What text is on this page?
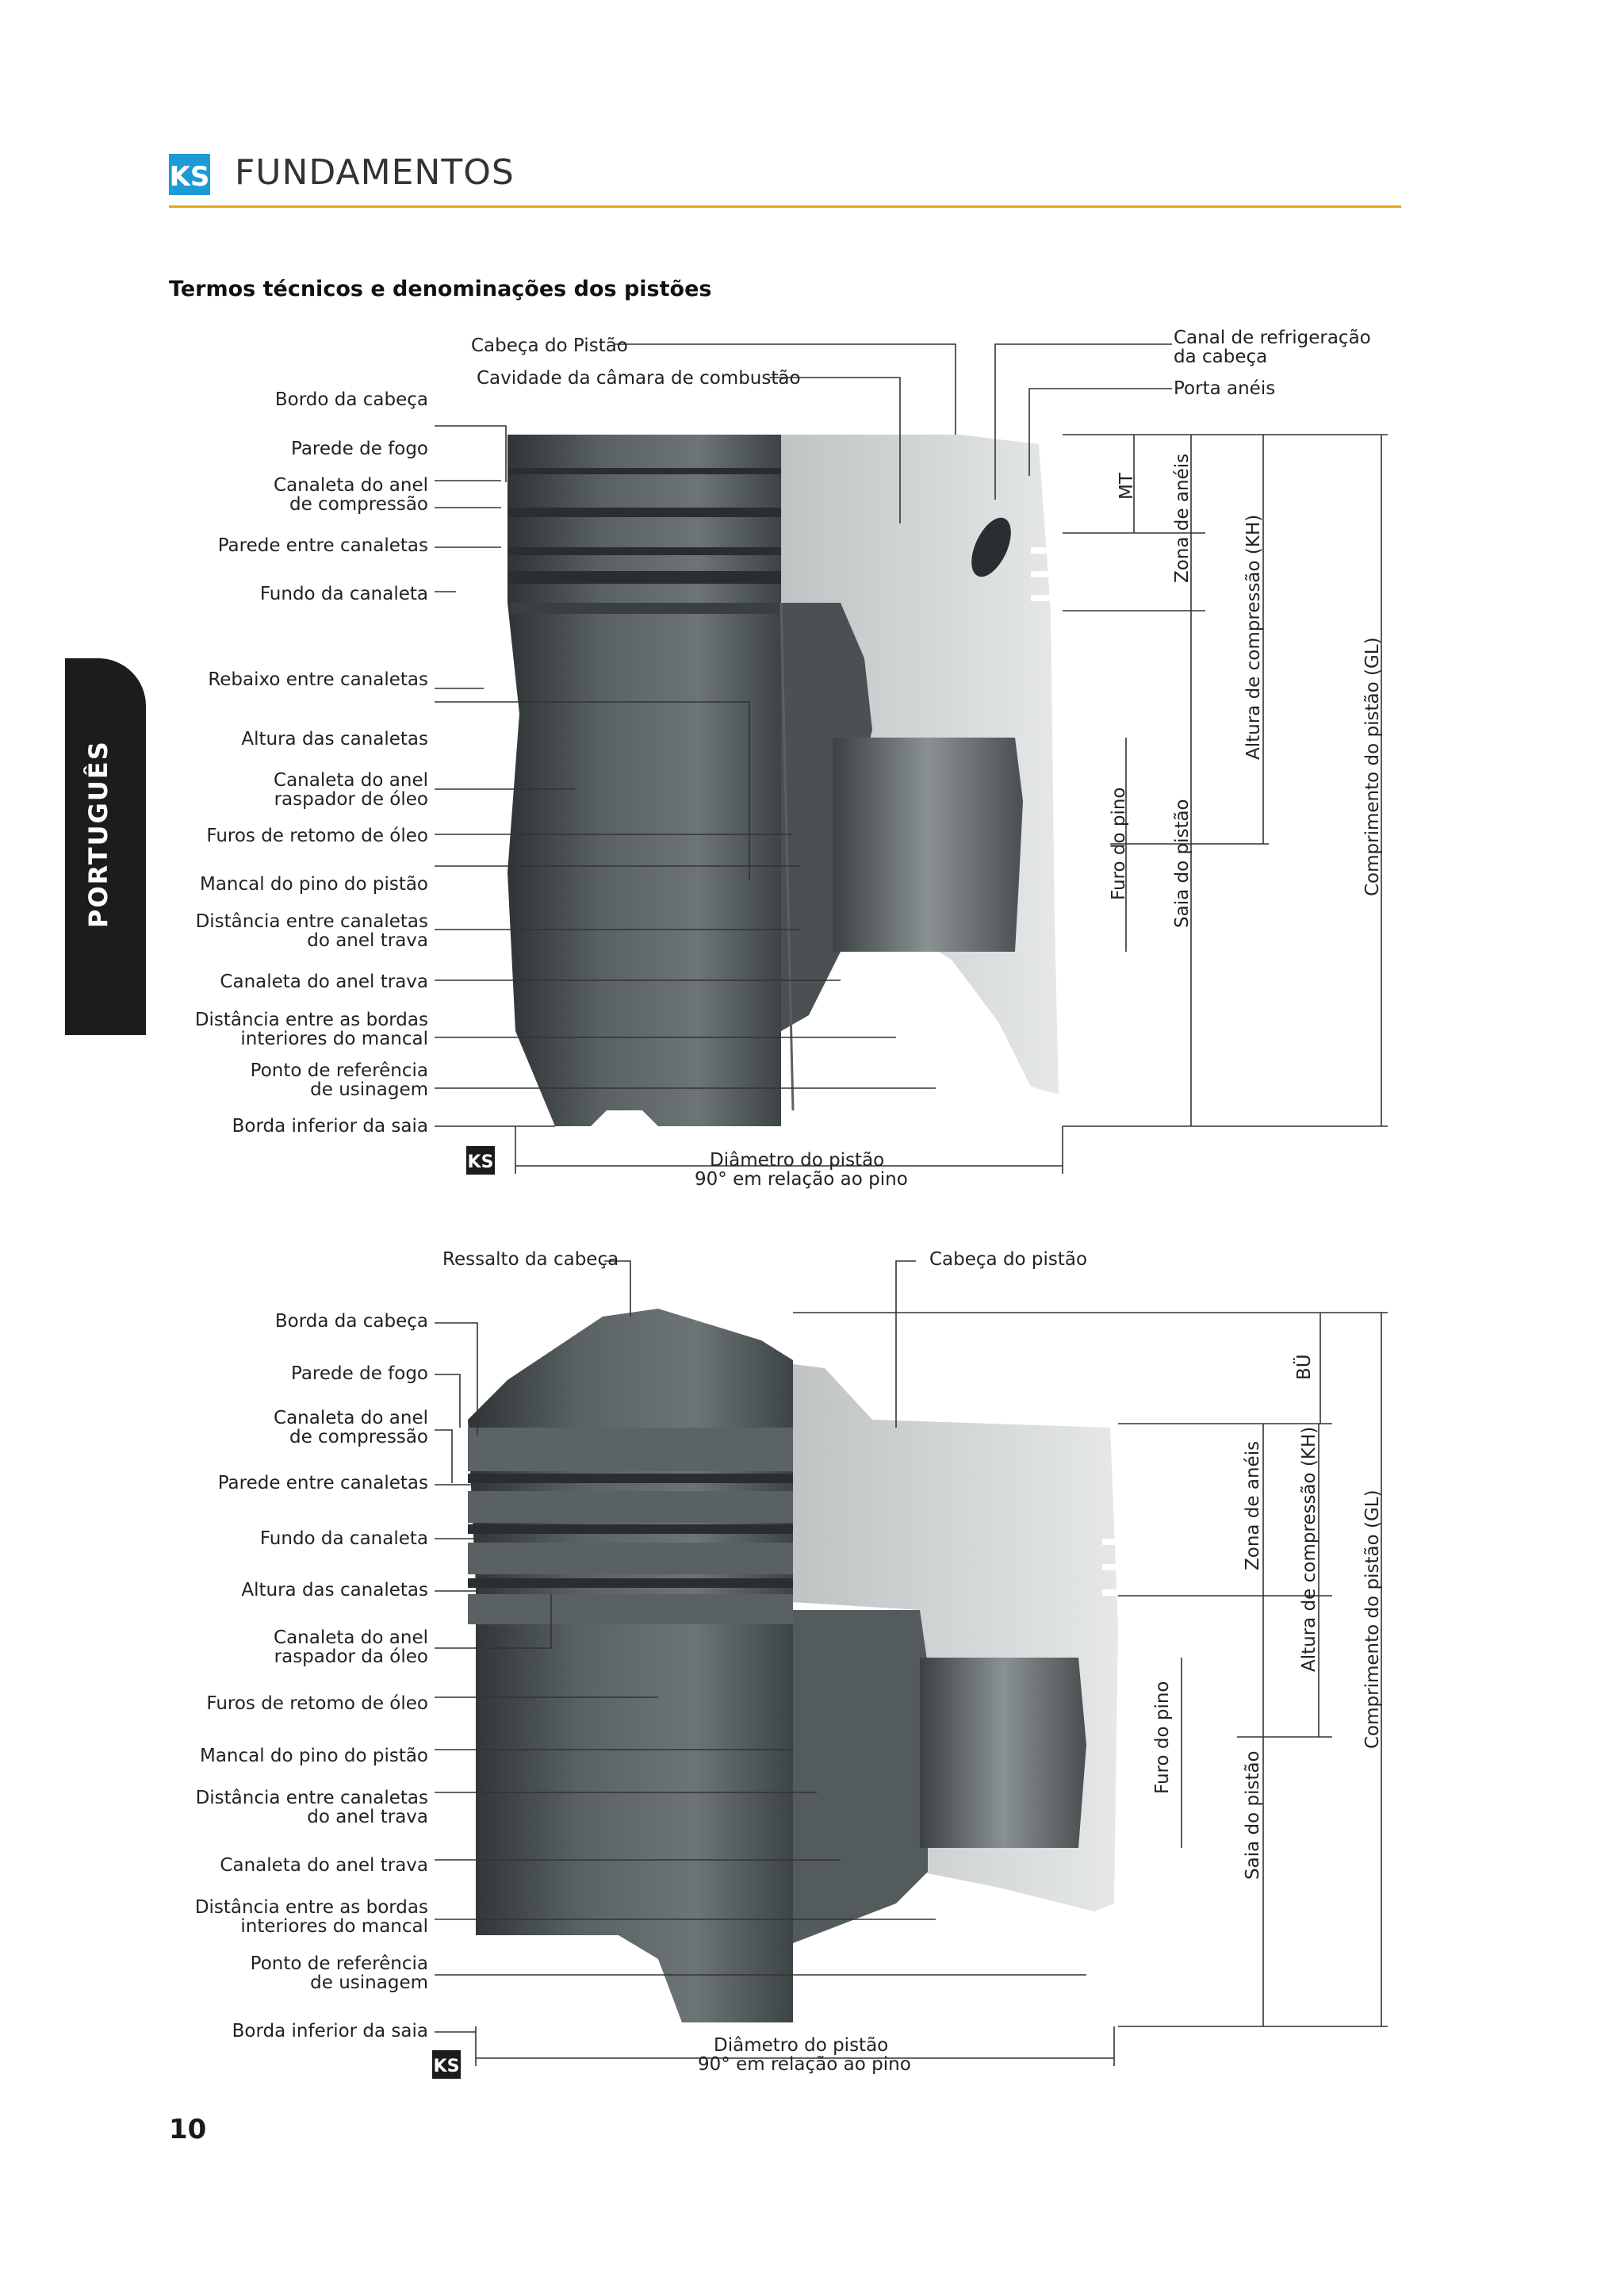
KS FUNDAMENTOS
Termos técnicos e denominações dos pistões
PORTUGUÊS
KS
KS
Cabeça do Pistão
Cavidade da câmara de combustão
Canal de refrigeração
da cabeça
Porta anéis
Bordo da cabeça
Parede de fogo
Canaleta do anel
de compressão
Parede entre canaletas
Fundo da canaleta
Rebaixo entre canaletas
Altura das canaletas
Canaleta do anel
raspador de óleo
Furos de retomo de óleo
Mancal do pino do pistão
Distância entre canaletas
do anel trava
Canaleta do anel trava
Distância entre as bordas
interiores do mancal
Ponto de referência
de usinagem
Borda inferior da saia
MT Zona de anéis	Altura de compressão (KH)
Comprimento do pistão (GL)
Furo do pino Saia do pistão
Diâmetro do pistão
90° em relação ao pino
Ressalto da cabeça	Cabeça do pistão
Borda da cabeça
Parede de fogo
Canaleta do anel
de compressão
Parede entre canaletas
Fundo da canaleta
Altura das canaletas
Canaleta do anel
raspador da óleo
Furos de retomo de óleo
Mancal do pino do pistão
Distância entre canaletas
do anel trava
Canaleta do anel trava
Distância entre as bordas
interiores do mancal
Ponto de referência
de usinagem
Borda inferior da saia
BÜ
Zona de anéis Altura de compressão (KH) Comprimento do pistão (GL)
Furo do pino
Saia do pistão
Diâmetro do pistão
90° em relação ao pino
10
